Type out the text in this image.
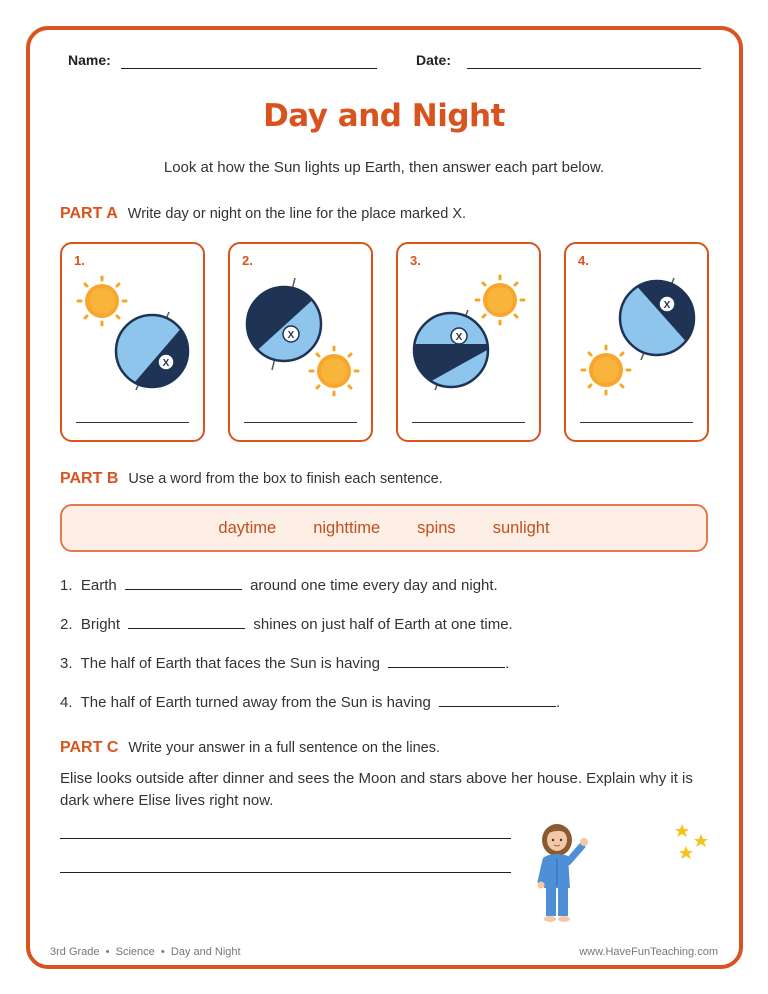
Name:	Date:
Day and Night
Look at how the Sun lights up Earth, then answer each part below.
PART A Write day or night on the line for the place marked X.
1.
X
2.
X
3.
X
4.
X
PART B Use a word from the box to finish each sentence.
daytime nighttime spins sunlight
1. Earth	around one time every day and night.
2. Bright	shines on just half of Earth at one time.
3. The half of Earth that faces the Sun is having	.
4. The half of Earth turned away from the Sun is having	.
PART C Write your answer in a full sentence on the lines.
Elise looks outside after dinner and sees the Moon and stars above her house. Explain why it is dark where Elise lives right now.
3rd Grade • Science • Day and Night	www.HaveFunTeaching.com
